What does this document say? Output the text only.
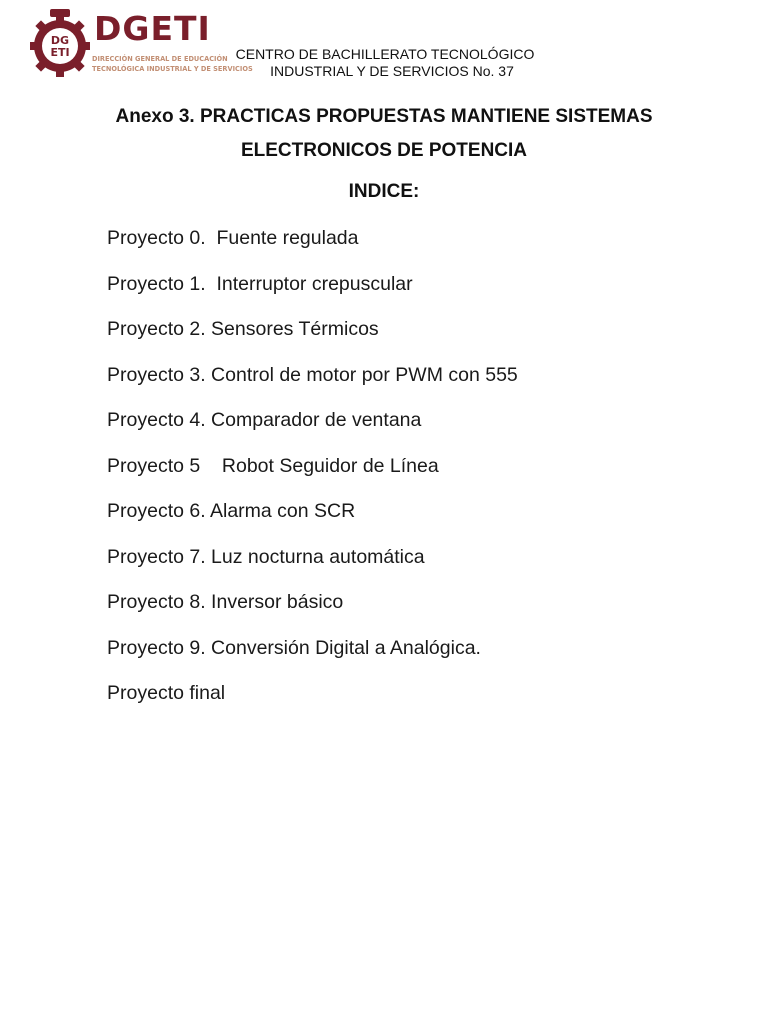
DG
ETI
DGETI
DIRECCIÓN GENERAL DE EDUCACIÓN
TECNOLÓGICA INDUSTRIAL Y DE SERVICIOS
CENTRO DE BACHILLERATO TECNOLÓGICO
INDUSTRIAL Y DE SERVICIOS No. 37
Anexo 3. PRACTICAS PROPUESTAS MANTIENE SISTEMAS
ELECTRONICOS DE POTENCIA
INDICE:
Proyecto 0.  Fuente regulada
Proyecto 1.  Interruptor crepuscular
Proyecto 2. Sensores Térmicos
Proyecto 3. Control de motor por PWM con 555
Proyecto 4. Comparador de ventana
Proyecto 5    Robot Seguidor de Línea
Proyecto 6. Alarma con SCR
Proyecto 7. Luz nocturna automática
Proyecto 8. Inversor básico
Proyecto 9. Conversión Digital a Analógica.
Proyecto final
